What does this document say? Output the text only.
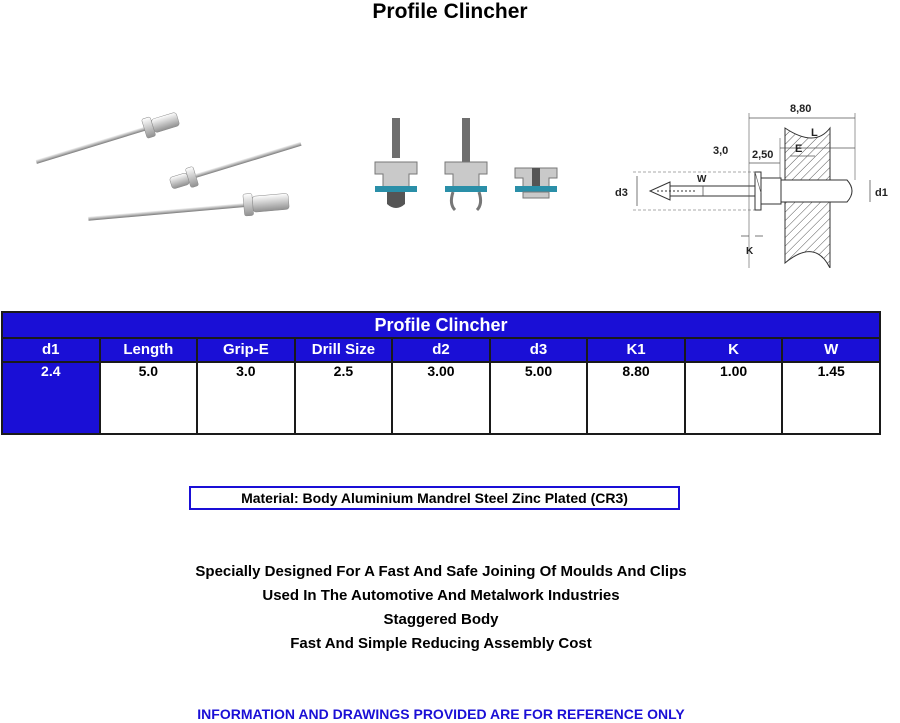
Profile Clincher
8,80
L
2,50 E
3,0
W
d3	d1
K
Profile Clincher								
d1	Length	Grip-E	Drill Size	d2	d3	K1	K	W
2.4	5.0	3.0	2.5	3.00	5.00	8.80	1.00	1.45
Material: Body Aluminium Mandrel Steel Zinc Plated (CR3)
Specially Designed For A Fast And Safe Joining Of Moulds And Clips
Used In The Automotive And Metalwork Industries
Staggered Body
Fast And Simple Reducing Assembly Cost
INFORMATION AND DRAWINGS PROVIDED ARE FOR REFERENCE ONLY
